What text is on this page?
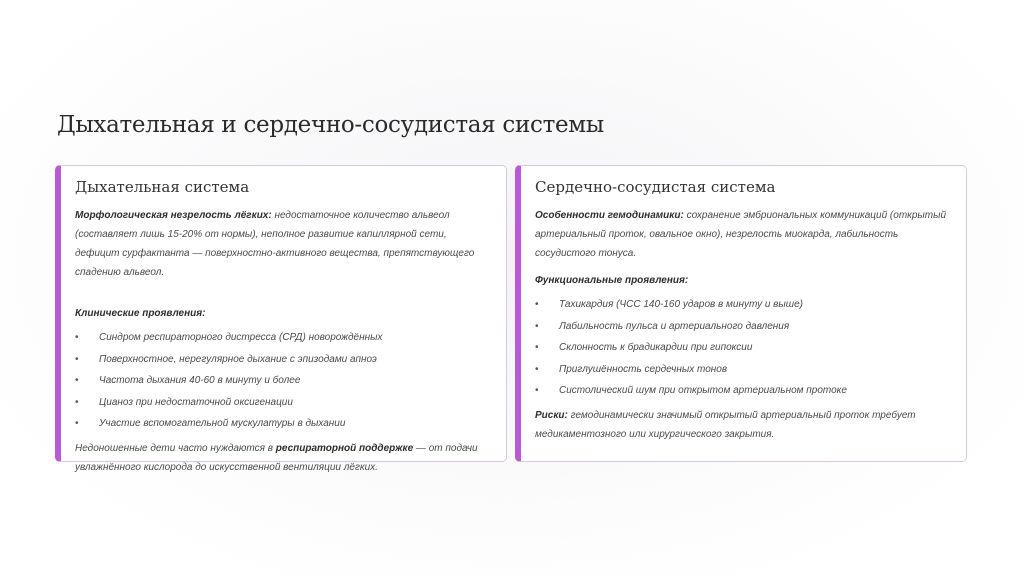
Дыхательная и сердечно-сосудистая системы
Дыхательная система

Морфологическая незрелость лёгких: недостаточное количество альвеол (составляет лишь 15-20% от нормы), неполное развитие капиллярной сети, дефицит сурфактанта — поверхностно-активного вещества, препятствующего спадению альвеол.

Клинические проявления:

• Синдром респираторного дистресса (СРД) новорождённых
• Поверхностное, нерегулярное дыхание с эпизодами апноэ
• Частота дыхания 40-60 в минуту и более
• Цианоз при недостаточной оксигенации
• Участие вспомогательной мускулатуры в дыхании

Недоношенные дети часто нуждаются в респираторной поддержке — от подачи увлажнённого кислорода до искусственной вентиляции лёгких.

Сердечно-сосудистая система

Особенности гемодинамики: сохранение эмбриональных коммуникаций (открытый артериальный проток, овальное окно), незрелость миокарда, лабильность сосудистого тонуса.

Функциональные проявления:

• Тахикардия (ЧСС 140-160 ударов в минуту и выше)
• Лабильность пульса и артериального давления
• Склонность к брадикардии при гипоксии
• Приглушённость сердечных тонов
• Систолический шум при открытом артериальном протоке

Риски: гемодинамически значимый открытый артериальный проток требует медикаментозного или хирургического закрытия.
